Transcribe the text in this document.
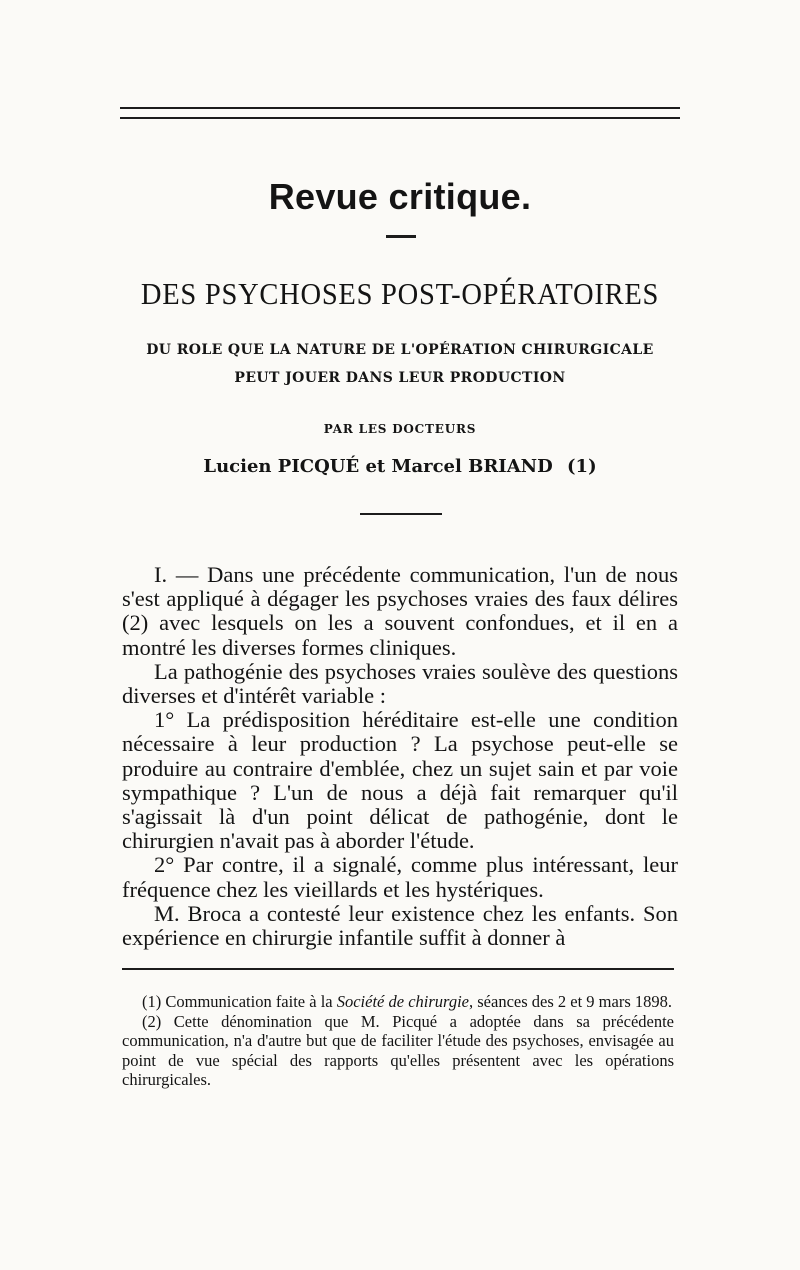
Revue critique.
DES PSYCHOSES POST-OPÉRATOIRES
DU ROLE QUE LA NATURE DE L'OPÉRATION CHIRURGICALE
PEUT JOUER DANS LEUR PRODUCTION
PAR LES DOCTEURS
Lucien PICQUÉ et Marcel BRIAND (1)

I. — Dans une précédente communication, l'un de nous s'est appliqué à dégager les psychoses vraies des faux délires (2) avec lesquels on les a souvent confondues, et il en a montré les diverses formes cliniques.

La pathogénie des psychoses vraies soulève des questions diverses et d'intérêt variable :

1° La prédisposition héréditaire est-elle une condition nécessaire à leur production ? La psychose peut-elle se produire au contraire d'emblée, chez un sujet sain et par voie sympathique ? L'un de nous a déjà fait remarquer qu'il s'agissait là d'un point délicat de pathogénie, dont le chirurgien n'avait pas à aborder l'étude.

2° Par contre, il a signalé, comme plus intéressant, leur fréquence chez les vieillards et les hystériques.

M. Broca a contesté leur existence chez les enfants. Son expérience en chirurgie infantile suffit à donner à

(1) Communication faite à la Société de chirurgie, séances des 2 et 9 mars 1898.

(2) Cette dénomination que M. Picqué a adoptée dans sa précédente communication, n'a d'autre but que de faciliter l'étude des psychoses, envisagée au point de vue spécial des rapports qu'elles présentent avec les opérations chirurgicales.
